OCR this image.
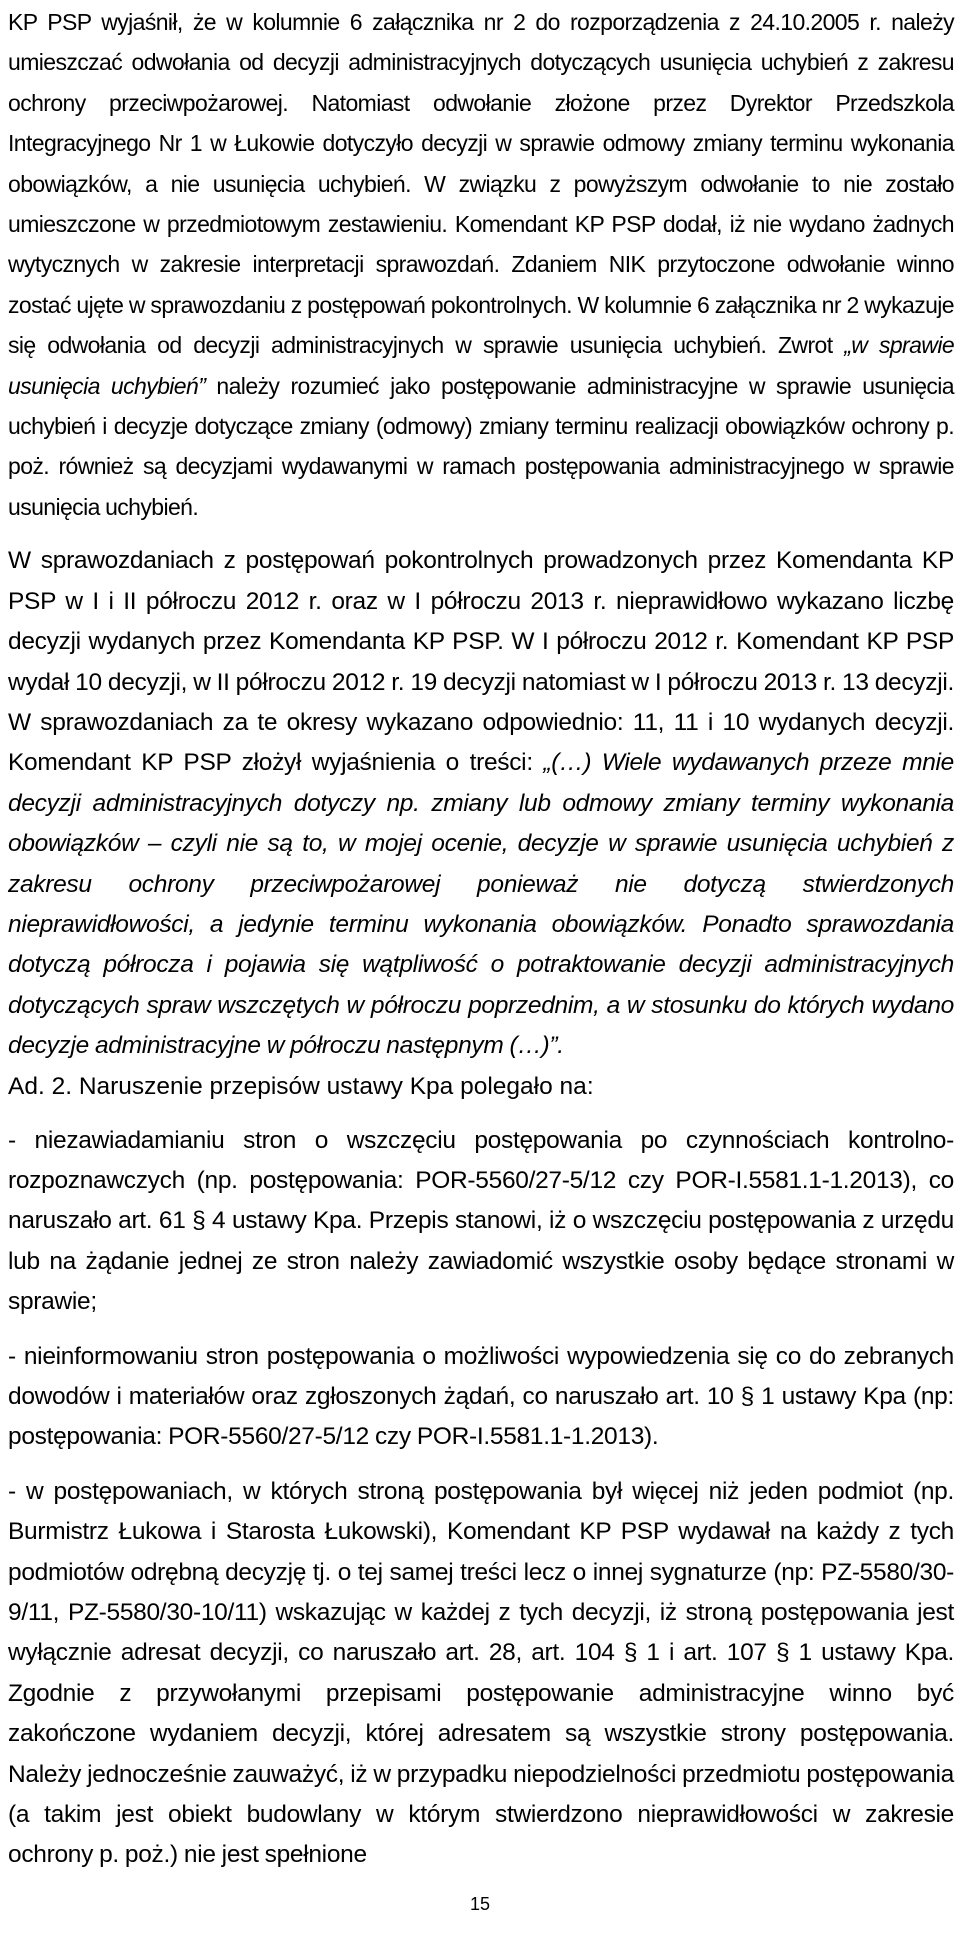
KP PSP wyjaśnił, że w kolumnie 6 załącznika nr 2 do rozporządzenia z 24.10.2005 r. należy umieszczać odwołania od decyzji administracyjnych dotyczących usunięcia uchybień z zakresu ochrony przeciwpożarowej. Natomiast odwołanie złożone przez Dyrektor Przedszkola Integracyjnego Nr 1 w Łukowie dotyczyło decyzji w sprawie odmowy zmiany terminu wykonania obowiązków, a nie usunięcia uchybień. W związku z powyższym odwołanie to nie zostało umieszczone w przedmiotowym zestawieniu. Komendant KP PSP dodał, iż nie wydano żadnych wytycznych w zakresie interpretacji sprawozdań. Zdaniem NIK przytoczone odwołanie winno zostać ujęte w sprawozdaniu z postępowań pokontrolnych. W kolumnie 6 załącznika nr 2 wykazuje się odwołania od decyzji administracyjnych w sprawie usunięcia uchybień. Zwrot „w sprawie usunięcia uchybień” należy rozumieć jako postępowanie administracyjne w sprawie usunięcia uchybień i decyzje dotyczące zmiany (odmowy) zmiany terminu realizacji obowiązków ochrony p. poż. również są decyzjami wydawanymi w ramach postępowania administracyjnego w sprawie usunięcia uchybień.

W sprawozdaniach z postępowań pokontrolnych prowadzonych przez Komendanta KP PSP w I i II półroczu 2012 r. oraz w I półroczu 2013 r. nieprawidłowo wykazano liczbę decyzji wydanych przez Komendanta KP PSP. W I półroczu 2012 r. Komendant KP PSP wydał 10 decyzji, w II półroczu 2012 r. 19 decyzji natomiast w I półroczu 2013 r. 13 decyzji. W sprawozdaniach za te okresy wykazano odpowiednio: 11, 11 i 10 wydanych decyzji. Komendant KP PSP złożył wyjaśnienia o treści: „(…) Wiele wydawanych przeze mnie decyzji administracyjnych dotyczy np. zmiany lub odmowy zmiany terminy wykonania obowiązków – czyli nie są to, w mojej ocenie, decyzje w sprawie usunięcia uchybień z zakresu ochrony przeciwpożarowej ponieważ nie dotyczą stwierdzonych nieprawidłowości, a jedynie terminu wykonania obowiązków. Ponadto sprawozdania dotyczą półrocza i pojawia się wątpliwość o potraktowanie decyzji administracyjnych dotyczących spraw wszczętych w półroczu poprzednim, a w stosunku do których wydano decyzje administracyjne w półroczu następnym (…)”.

Ad. 2. Naruszenie przepisów ustawy Kpa polegało na:

- niezawiadamianiu stron o wszczęciu postępowania po czynnościach kontrolno-rozpoznawczych (np. postępowania: POR-5560/27-5/12 czy POR-I.5581.1-1.2013), co naruszało art. 61 § 4 ustawy Kpa. Przepis stanowi, iż o wszczęciu postępowania z urzędu lub na żądanie jednej ze stron należy zawiadomić wszystkie osoby będące stronami w sprawie;

- nieinformowaniu stron postępowania o możliwości wypowiedzenia się co do zebranych dowodów i materiałów oraz zgłoszonych żądań, co naruszało art. 10 § 1 ustawy Kpa (np: postępowania: POR-5560/27-5/12 czy POR-I.5581.1-1.2013).

- w postępowaniach, w których stroną postępowania był więcej niż jeden podmiot (np. Burmistrz Łukowa i Starosta Łukowski), Komendant KP PSP wydawał na każdy z tych podmiotów odrębną decyzję tj. o tej samej treści lecz o innej sygnaturze (np: PZ-5580/30-9/11, PZ-5580/30-10/11) wskazując w każdej z tych decyzji, iż stroną postępowania jest wyłącznie adresat decyzji, co naruszało art. 28, art. 104 § 1 i art. 107 § 1 ustawy Kpa. Zgodnie z przywołanymi przepisami postępowanie administracyjne winno być zakończone wydaniem decyzji, której adresatem są wszystkie strony postępowania. Należy jednocześnie zauważyć, iż w przypadku niepodzielności przedmiotu postępowania (a takim jest obiekt budowlany w którym stwierdzono nieprawidłowości w zakresie ochrony p. poż.) nie jest spełnione

15
